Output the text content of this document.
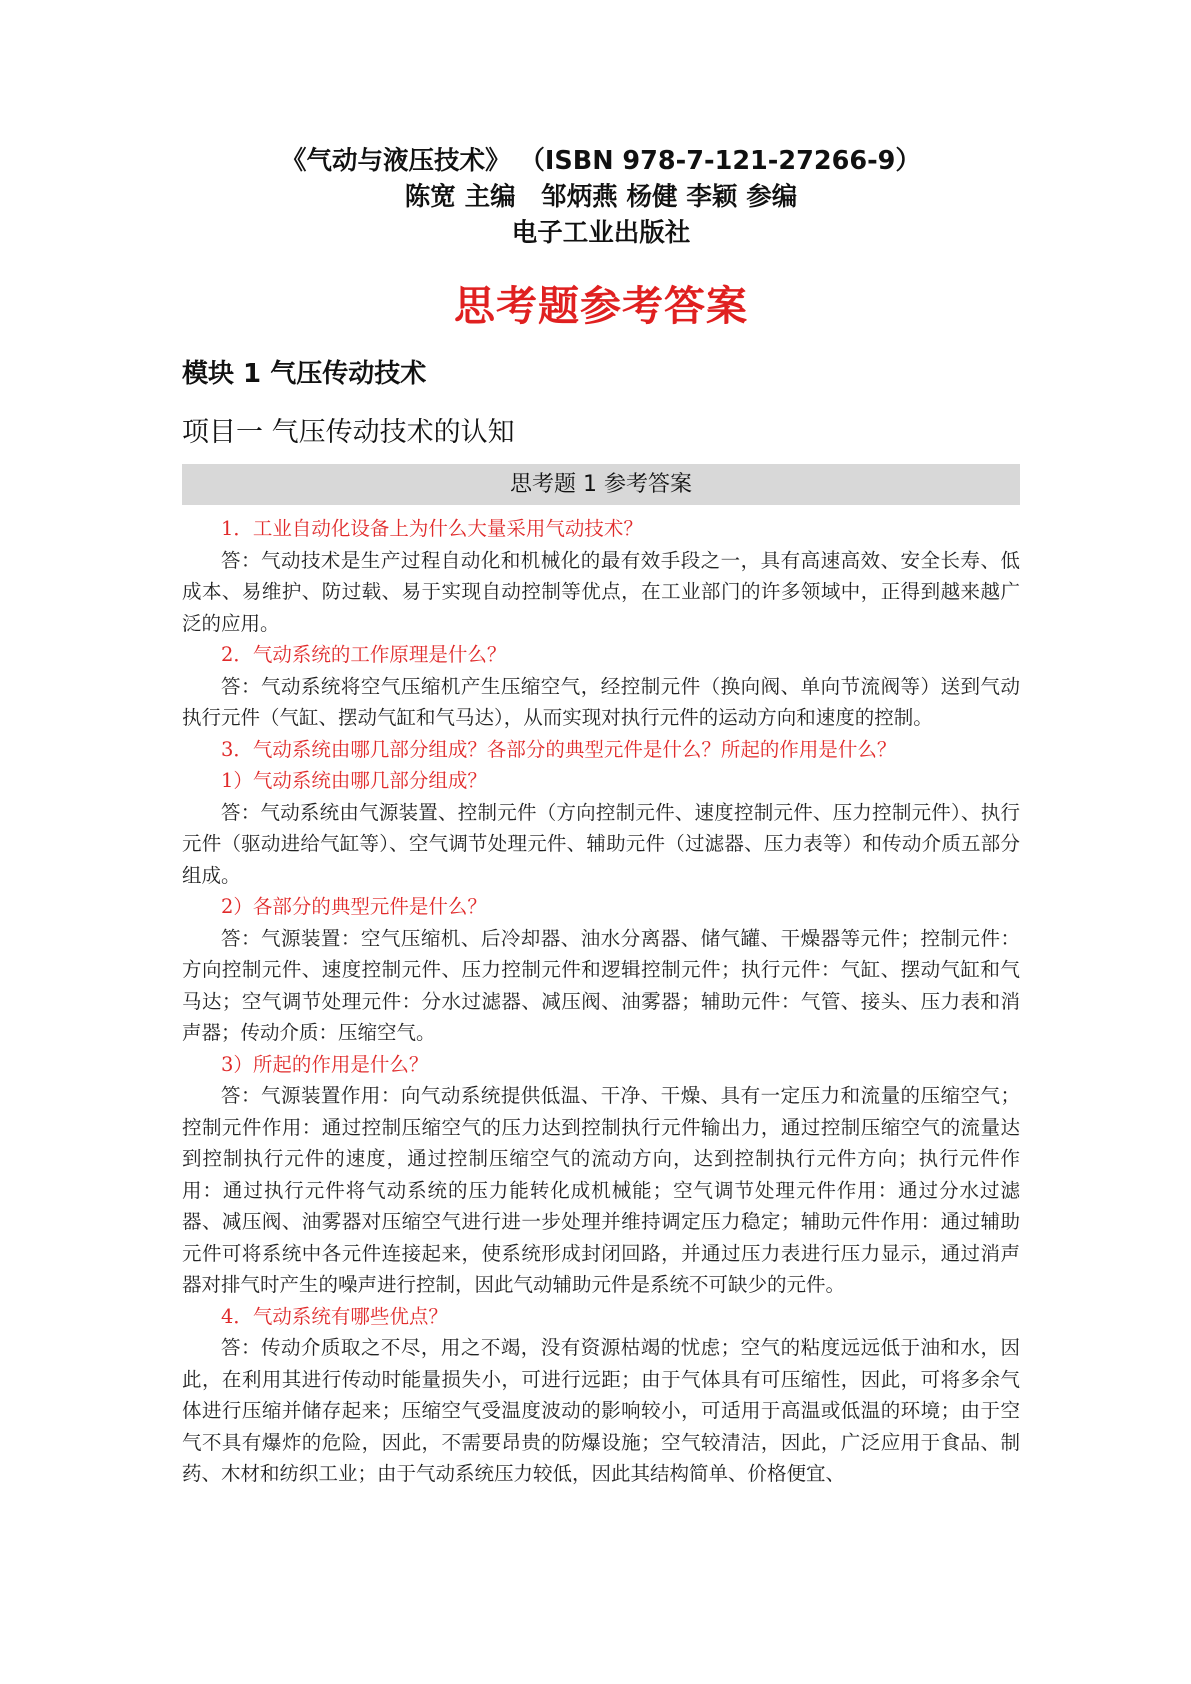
《气动与液压技术》 （ISBN 978-7-121-27266-9）
陈宽 主编　邹炳燕 杨健 李颖 参编
电子工业出版社
思考题参考答案
模块 1 气压传动技术
项目一 气压传动技术的认知
思考题 1 参考答案

1．工业自动化设备上为什么大量采用气动技术？

答：气动技术是生产过程自动化和机械化的最有效手段之一，具有高速高效、安全长寿、低成本、易维护、防过载、易于实现自动控制等优点，在工业部门的许多领域中，正得到越来越广泛的应用。

2．气动系统的工作原理是什么？

答：气动系统将空气压缩机产生压缩空气，经控制元件（换向阀、单向节流阀等）送到气动执行元件（气缸、摆动气缸和气马达），从而实现对执行元件的运动方向和速度的控制。

3．气动系统由哪几部分组成？各部分的典型元件是什么？所起的作用是什么？

1）气动系统由哪几部分组成？

答：气动系统由气源装置、控制元件（方向控制元件、速度控制元件、压力控制元件）、执行元件（驱动进给气缸等）、空气调节处理元件、辅助元件（过滤器、压力表等）和传动介质五部分组成。

2）各部分的典型元件是什么？

答：气源装置：空气压缩机、后冷却器、油水分离器、储气罐、干燥器等元件；控制元件：方向控制元件、速度控制元件、压力控制元件和逻辑控制元件；执行元件：气缸、摆动气缸和气马达；空气调节处理元件：分水过滤器、减压阀、油雾器；辅助元件：气管、接头、压力表和消声器；传动介质：压缩空气。

3）所起的作用是什么？

答：气源装置作用：向气动系统提供低温、干净、干燥、具有一定压力和流量的压缩空气；控制元件作用：通过控制压缩空气的压力达到控制执行元件输出力，通过控制压缩空气的流量达到控制执行元件的速度，通过控制压缩空气的流动方向，达到控制执行元件方向；执行元件作用：通过执行元件将气动系统的压力能转化成机械能；空气调节处理元件作用：通过分水过滤器、减压阀、油雾器对压缩空气进行进一步处理并维持调定压力稳定；辅助元件作用：通过辅助元件可将系统中各元件连接起来，使系统形成封闭回路，并通过压力表进行压力显示，通过消声器对排气时产生的噪声进行控制，因此气动辅助元件是系统不可缺少的元件。

4．气动系统有哪些优点？

答：传动介质取之不尽，用之不竭，没有资源枯竭的忧虑；空气的粘度远远低于油和水，因此，在利用其进行传动时能量损失小，可进行远距；由于气体具有可压缩性，因此，可将多余气体进行压缩并储存起来；压缩空气受温度波动的影响较小，可适用于高温或低温的环境；由于空气不具有爆炸的危险，因此，不需要昂贵的防爆设施；空气较清洁，因此，广泛应用于食品、制药、木材和纺织工业；由于气动系统压力较低，因此其结构简单、价格便宜、
